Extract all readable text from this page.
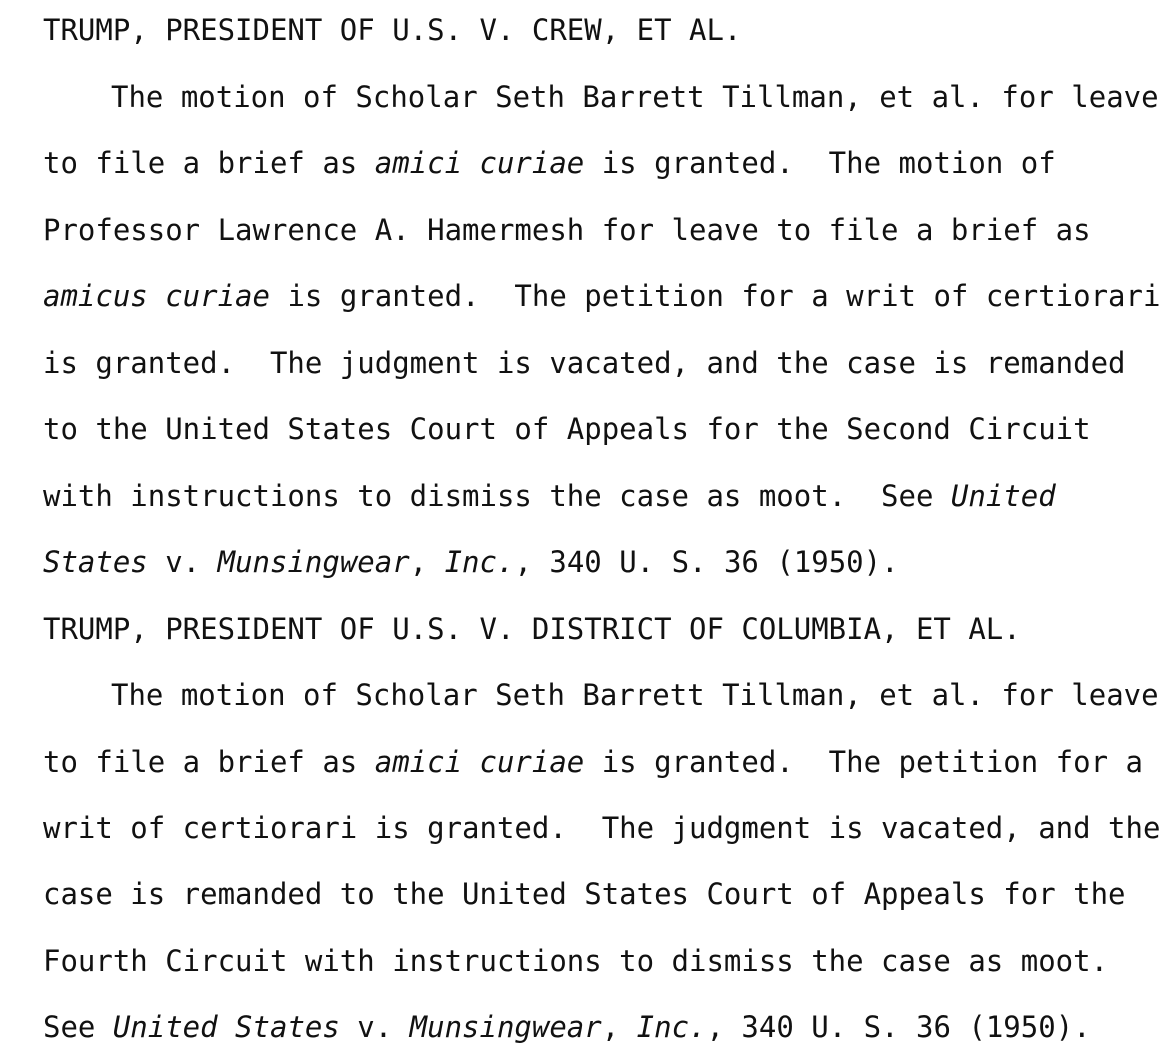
TRUMP, PRESIDENT OF U.S. V. CREW, ET AL.
The motion of Scholar Seth Barrett Tillman, et al. for leave
to file a brief as amici curiae is granted.  The motion of
Professor Lawrence A. Hamermesh for leave to file a brief as
amicus curiae is granted.  The petition for a writ of certiorari
is granted.  The judgment is vacated, and the case is remanded
to the United States Court of Appeals for the Second Circuit
with instructions to dismiss the case as moot.  See United
States v. Munsingwear, Inc., 340 U. S. 36 (1950).
TRUMP, PRESIDENT OF U.S. V. DISTRICT OF COLUMBIA, ET AL.
The motion of Scholar Seth Barrett Tillman, et al. for leave
to file a brief as amici curiae is granted.  The petition for a
writ of certiorari is granted.  The judgment is vacated, and the
case is remanded to the United States Court of Appeals for the
Fourth Circuit with instructions to dismiss the case as moot.
See United States v. Munsingwear, Inc., 340 U. S. 36 (1950).
